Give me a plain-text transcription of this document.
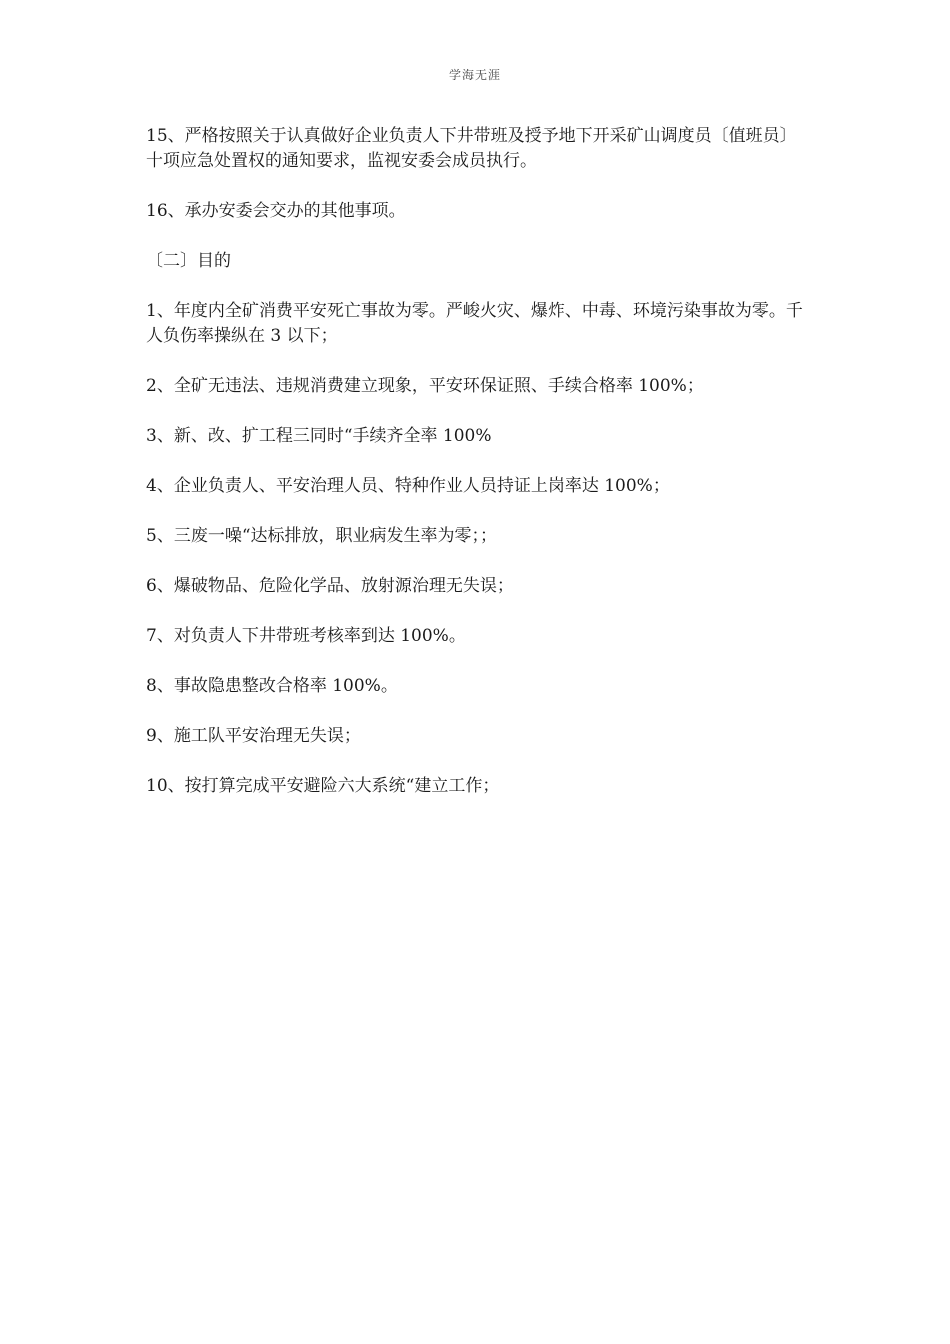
学海无涯

15、严格按照关于认真做好企业负责人下井带班及授予地下开采矿山调度员〔值班员〕十项应急处置权的通知要求，监视安委会成员执行。

16、承办安委会交办的其他事项。

〔二〕目的

1、年度内全矿消费平安死亡事故为零。严峻火灾、爆炸、中毒、环境污染事故为零。千人负伤率操纵在 3 以下；

2、全矿无违法、违规消费建立现象，平安环保证照、手续合格率 100%；

3、新、改、扩工程三同时“手续齐全率 100%

4、企业负责人、平安治理人员、特种作业人员持证上岗率达 100%；

5、三废一噪“达标排放，职业病发生率为零；；

6、爆破物品、危险化学品、放射源治理无失误；

7、对负责人下井带班考核率到达 100%。

8、事故隐患整改合格率 100%。

9、施工队平安治理无失误；

10、按打算完成平安避险六大系统“建立工作；
